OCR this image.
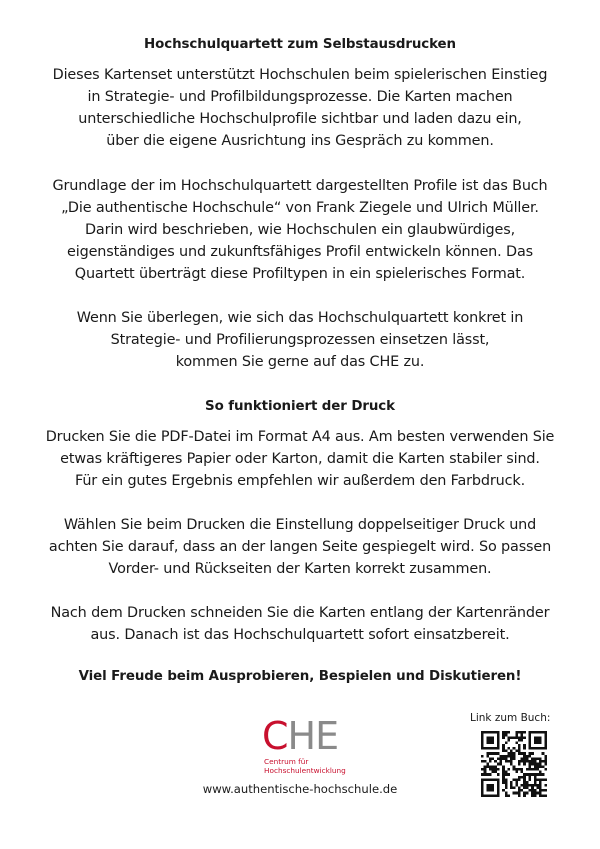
Hochschulquartett zum Selbstausdrucken
Dieses Kartenset unterstützt Hochschulen beim spielerischen Einstieg
in Strategie- und Profilbildungsprozesse. Die Karten machen
unterschiedliche Hochschulprofile sichtbar und laden dazu ein,
über die eigene Ausrichtung ins Gespräch zu kommen.
Grundlage der im Hochschulquartett dargestellten Profile ist das Buch
„Die authentische Hochschule“ von Frank Ziegele und Ulrich Müller.
Darin wird beschrieben, wie Hochschulen ein glaubwürdiges,
eigenständiges und zukunftsfähiges Profil entwickeln können. Das
Quartett überträgt diese Profiltypen in ein spielerisches Format.
Wenn Sie überlegen, wie sich das Hochschulquartett konkret in
Strategie- und Profilierungsprozessen einsetzen lässt,
kommen Sie gerne auf das CHE zu.
So funktioniert der Druck
Drucken Sie die PDF-Datei im Format A4 aus. Am besten verwenden Sie
etwas kräftigeres Papier oder Karton, damit die Karten stabiler sind.
Für ein gutes Ergebnis empfehlen wir außerdem den Farbdruck.
Wählen Sie beim Drucken die Einstellung doppelseitiger Druck und
achten Sie darauf, dass an der langen Seite gespiegelt wird. So passen
Vorder- und Rückseiten der Karten korrekt zusammen.
Nach dem Drucken schneiden Sie die Karten entlang der Kartenränder
aus. Danach ist das Hochschulquartett sofort einsatzbereit.
Viel Freude beim Ausprobieren, Bespielen und Diskutieren!
CHE
Centrum für
Hochschulentwicklung
www.authentische-hochschule.de
Link zum Buch:
